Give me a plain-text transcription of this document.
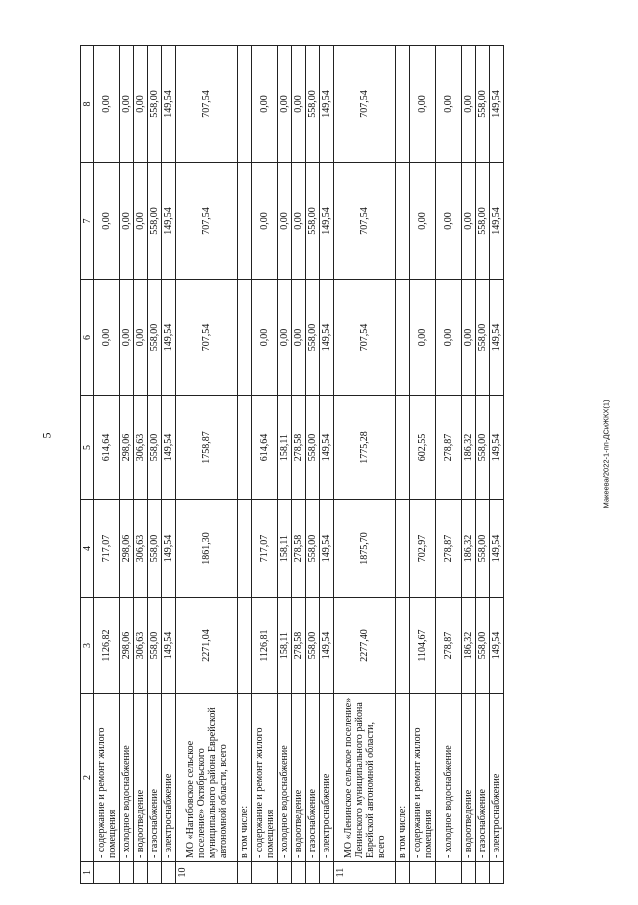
5	Макеева/2022-1-пп-ДСиЖКХ(1)
1	2	3	4	5	6	7	8
	- содержание и ремонт жилого помещения	1126,82	717,07	614,64	0,00	0,00	0,00
	- холодное водоснабжение	298,06	298,06	298,06	0,00	0,00	0,00
	- водоотведение	306,63	306,63	306,63	0,00	0,00	0,00
	- газоснабжение	558,00	558,00	558,00	558,00	558,00	558,00
	- электроснабжение	149,54	149,54	149,54	149,54	149,54	149,54
10	МО «Нагибовское сельское поселение» Октябрьского муниципального района Еврейской автономной области, всего	2271,04	1861,30	1758,87	707,54	707,54	707,54
	в том числе:						
	- содержание и ремонт жилого помещения	1126,81	717,07	614,64	0,00	0,00	0,00
	- холодное водоснабжение	158,11	158,11	158,11	0,00	0,00	0,00
	- водоотведение	278,58	278,58	278,58	0,00	0,00	0,00
	- газоснабжение	558,00	558,00	558,00	558,00	558,00	558,00
	- электроснабжение	149,54	149,54	149,54	149,54	149,54	149,54
11	МО «Ленинское сельское поселение» Ленинского муниципального района Еврейской автономной области, всего	2277,40	1875,70	1775,28	707,54	707,54	707,54
	в том числе:						
	- содержание и ремонт жилого помещения	1104,67	702,97	602,55	0,00	0,00	0,00
	- холодное водоснабжение	278,87	278,87	278,87	0,00	0,00	0,00
	- водоотведение	186,32	186,32	186,32	0,00	0,00	0,00
	- газоснабжение	558,00	558,00	558,00	558,00	558,00	558,00
	- электроснабжение	149,54	149,54	149,54	149,54	149,54	149,54
